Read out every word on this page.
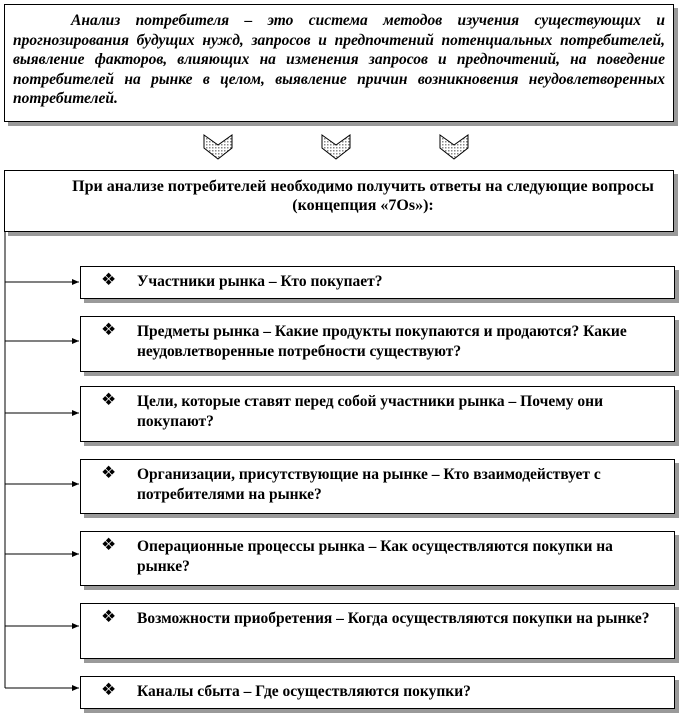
Анализ потребителя – это система методов изучения существующих и прогнозирования будущих нужд, запросов и предпочтений потенциальных потребителей, выявление факторов, влияющих на изменения запросов и предпочтений, на поведение потребителей на рынке в целом, выявление причин возникновения неудовлетворенных потребителей.
При анализе потребителей необходимо получить ответы на следующие вопросы (концепция «7Os»):
❖ Участники рынка – Кто покупает?
❖ Предметы рынка – Какие продукты покупаются и продаются? Какие неудовлетворенные потребности существуют?
❖ Цели, которые ставят перед собой участники рынка – Почему они покупают?
❖ Организации, присутствующие на рынке – Кто взаимодействует с потребителями на рынке?
❖ Операционные процессы рынка – Как осуществляются покупки на рынке?
❖ Возможности приобретения – Когда осуществляются покупки на рынке?
❖ Каналы сбыта – Где осуществляются покупки?
